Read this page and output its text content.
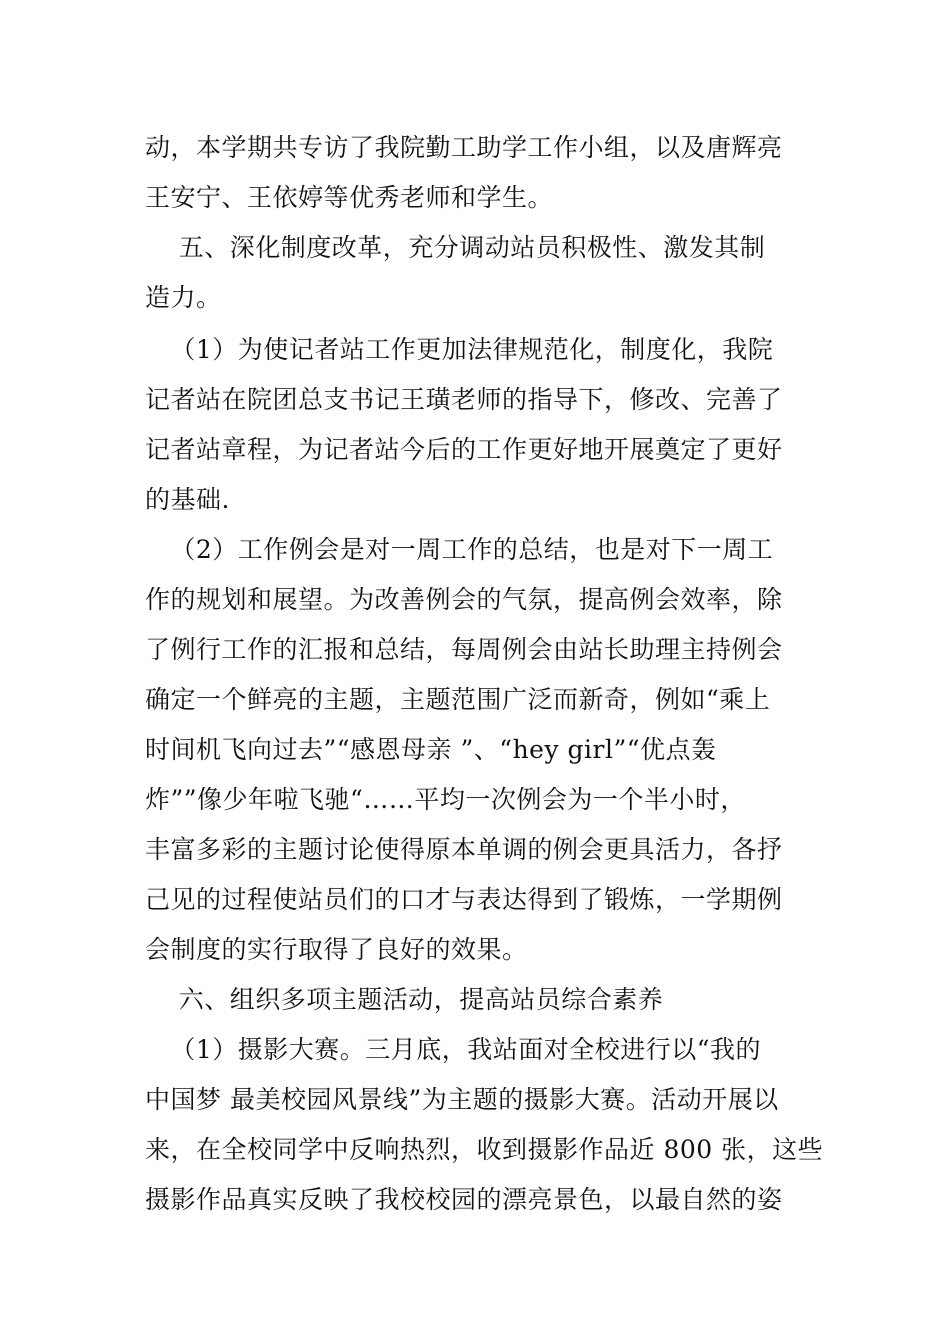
动，本学期共专访了我院勤工助学工作小组，以及唐辉亮
王安宁、王依婷等优秀老师和学生。
五、深化制度改革，充分调动站员积极性、激发其制
造力。
（1）为使记者站工作更加法律规范化，制度化，我院
记者站在院团总支书记王璜老师的指导下，修改、完善了
记者站章程，为记者站今后的工作更好地开展奠定了更好
的基础.
（2）工作例会是对一周工作的总结，也是对下一周工
作的规划和展望。为改善例会的气氛，提高例会效率，除
了例行工作的汇报和总结，每周例会由站长助理主持例会
确定一个鲜亮的主题，主题范围广泛而新奇，例如“乘上
时间机飞向过去”“感恩母亲 ”、“hey girl”“优点轰
炸””像少年啦飞驰“……平均一次例会为一个半小时，
丰富多彩的主题讨论使得原本单调的例会更具活力，各抒
己见的过程使站员们的口才与表达得到了锻炼，一学期例
会制度的实行取得了良好的效果。
六、组织多项主题活动，提高站员综合素养
（1）摄影大赛。三月底，我站面对全校进行以“我的
中国梦 最美校园风景线”为主题的摄影大赛。活动开展以
来，在全校同学中反响热烈，收到摄影作品近 800 张，这些
摄影作品真实反映了我校校园的漂亮景色，以最自然的姿
